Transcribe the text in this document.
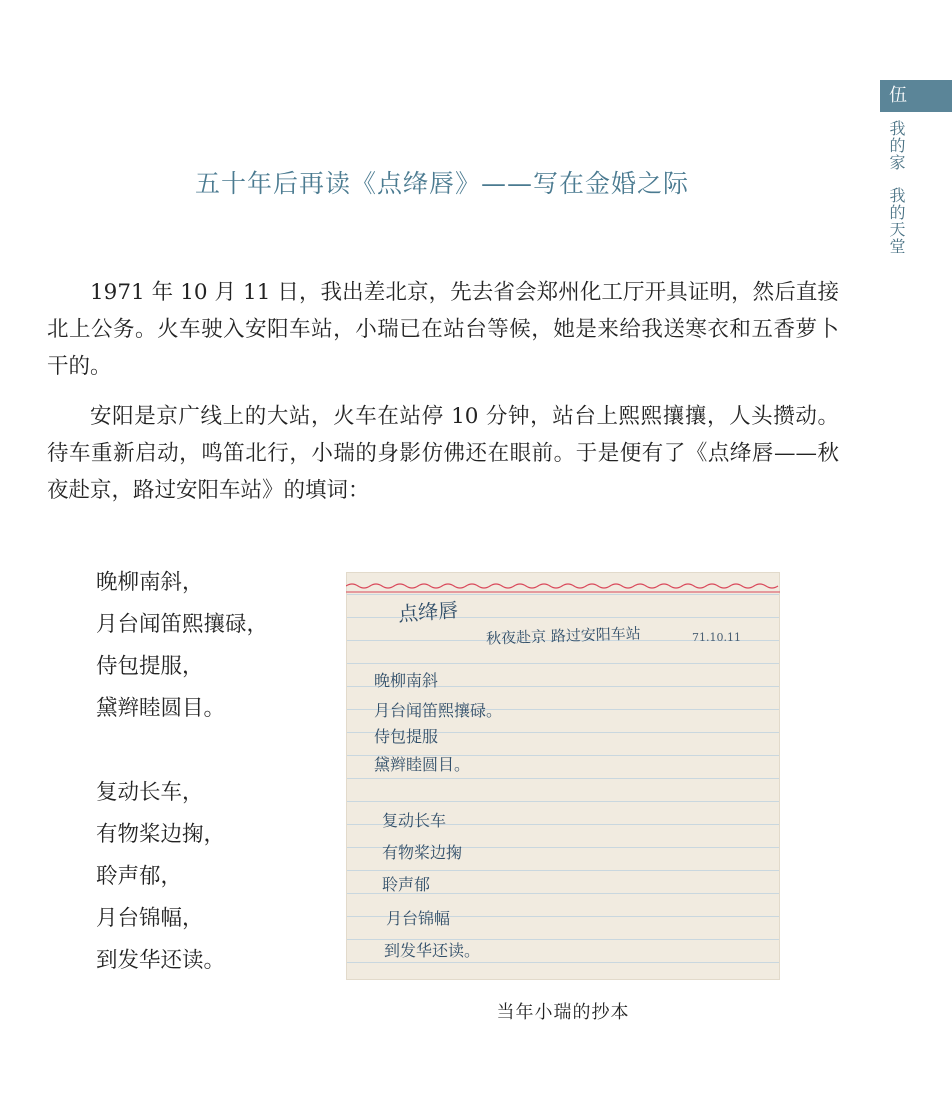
伍
我的家我的天堂
五十年后再读《点绛唇》——写在金婚之际

1971 年 10 月 11 日，我出差北京，先去省会郑州化工厅开具证明，然后直接北上公务。火车驶入安阳车站，小瑞已在站台等候，她是来给我送寒衣和五香萝卜干的。

安阳是京广线上的大站，火车在站停 10 分钟，站台上熙熙攘攘，人头攒动。待车重新启动，鸣笛北行，小瑞的身影仿佛还在眼前。于是便有了《点绛唇——秋夜赴京，路过安阳车站》的填词：

晚柳南斜，
月台闻笛熙攘碌，
侍包提服，
黛辫睦圆目。
复动长车，
有物桨边掬，
聆声郁，
月台锦幅，
到发华还读。
点绛唇
秋夜赴京 路过安阳车站	71.10.11
晚柳南斜
月台闻笛熙攘碌。
侍包提服
黛辫睦圆目。
复动长车
有物桨边掬
聆声郁
月台锦幅
到发华还读。
当年小瑞的抄本
